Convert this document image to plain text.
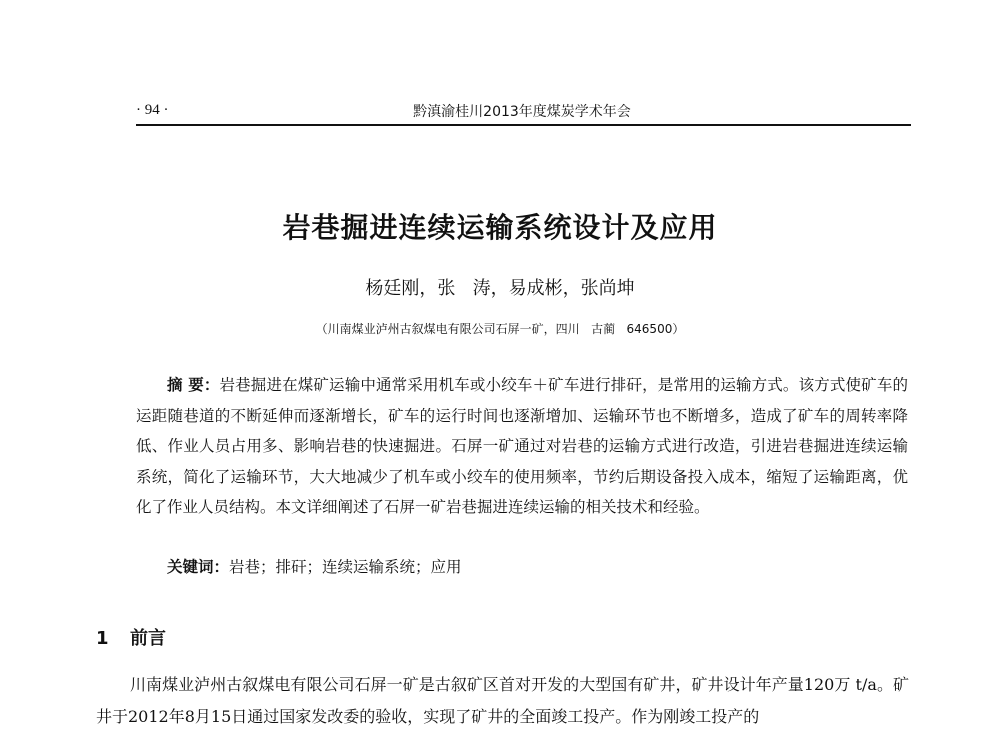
· 94 ·	黔滇渝桂川2013年度煤炭学术年会
岩巷掘进连续运输系统设计及应用
杨廷刚，张   涛，易成彬，张尚坤
（川南煤业泸州古叙煤电有限公司石屏一矿，四川   古蔺   646500）

摘 要：岩巷掘进在煤矿运输中通常采用机车或小绞车＋矿车进行排矸，是常用的运输方式。该方式使矿车的运距随巷道的不断延伸而逐渐增长，矿车的运行时间也逐渐增加、运输环节也不断增多，造成了矿车的周转率降低、作业人员占用多、影响岩巷的快速掘进。石屏一矿通过对岩巷的运输方式进行改造，引进岩巷掘进连续运输系统，简化了运输环节，大大地减少了机车或小绞车的使用频率，节约后期设备投入成本，缩短了运输距离，优化了作业人员结构。本文详细阐述了石屏一矿岩巷掘进连续运输的相关技术和经验。

关键词：岩巷；排矸；连续运输系统；应用
1 前言

川南煤业泸州古叙煤电有限公司石屏一矿是古叙矿区首对开发的大型国有矿井，矿井设计年产量120万 t/a。矿井于2012年8月15日通过国家发改委的验收，实现了矿井的全面竣工投产。作为刚竣工投产的
